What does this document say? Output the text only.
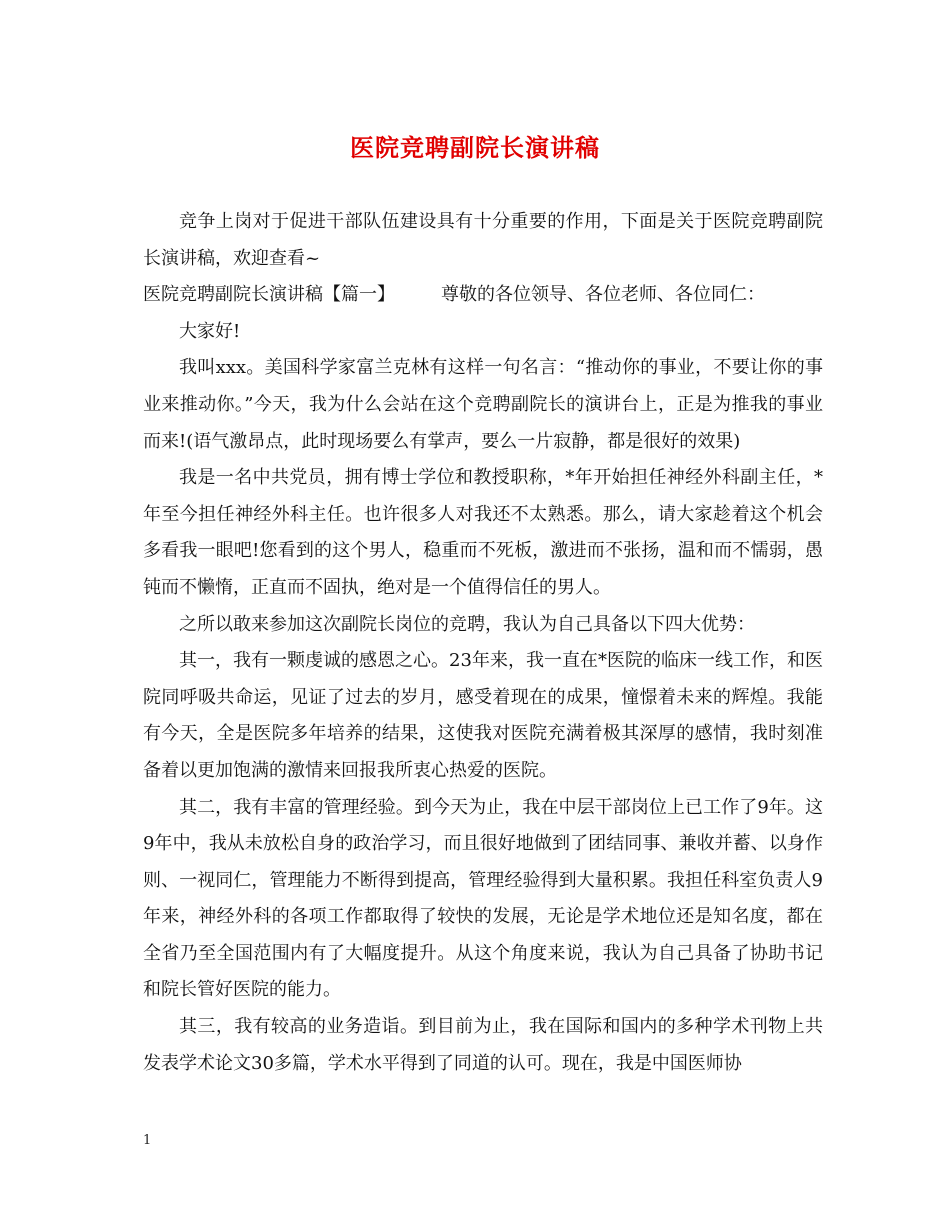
医院竞聘副院长演讲稿

竞争上岗对于促进干部队伍建设具有十分重要的作用，下面是关于医院竞聘副院长演讲稿，欢迎查看~

医院竞聘副院长演讲稿【篇一】	尊敬的各位领导、各位老师、各位同仁：

大家好!

我叫xxx。美国科学家富兰克林有这样一句名言：“推动你的事业，不要让你的事业来推动你。”今天，我为什么会站在这个竞聘副院长的演讲台上，正是为推我的事业而来!(语气激昂点，此时现场要么有掌声，要么一片寂静，都是很好的效果)

我是一名中共党员，拥有博士学位和教授职称，*年开始担任神经外科副主任，*年至今担任神经外科主任。也许很多人对我还不太熟悉。那么，请大家趁着这个机会多看我一眼吧!您看到的这个男人，稳重而不死板，激进而不张扬，温和而不懦弱，愚钝而不懒惰，正直而不固执，绝对是一个值得信任的男人。

之所以敢来参加这次副院长岗位的竞聘，我认为自己具备以下四大优势：

其一，我有一颗虔诚的感恩之心。23年来，我一直在*医院的临床一线工作，和医院同呼吸共命运，见证了过去的岁月，感受着现在的成果，憧憬着未来的辉煌。我能有今天，全是医院多年培养的结果，这使我对医院充满着极其深厚的感情，我时刻准备着以更加饱满的激情来回报我所衷心热爱的医院。

其二，我有丰富的管理经验。到今天为止，我在中层干部岗位上已工作了9年。这9年中，我从未放松自身的政治学习，而且很好地做到了团结同事、兼收并蓄、以身作则、一视同仁，管理能力不断得到提高，管理经验得到大量积累。我担任科室负责人9年来，神经外科的各项工作都取得了较快的发展，无论是学术地位还是知名度，都在全省乃至全国范围内有了大幅度提升。从这个角度来说，我认为自己具备了协助书记和院长管好医院的能力。

其三，我有较高的业务造诣。到目前为止，我在国际和国内的多种学术刊物上共发表学术论文30多篇，学术水平得到了同道的认可。现在，我是中国医师协

1
